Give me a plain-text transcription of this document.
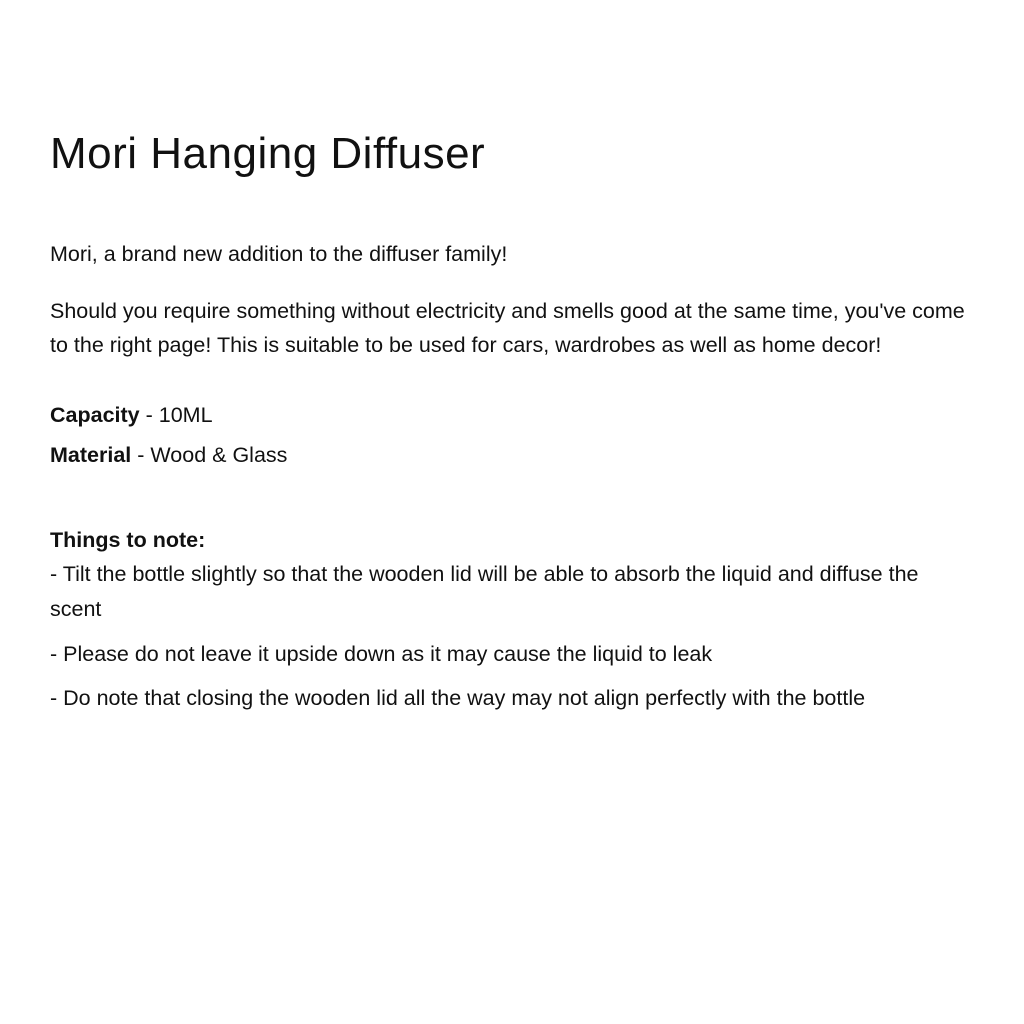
Mori Hanging Diffuser

Mori, a brand new addition to the diffuser family!

Should you require something without electricity and smells good at the same time, you've come to the right page! This is suitable to be used for cars, wardrobes as well as home decor!

Capacity - 10ML

Material - Wood & Glass

Things to note:

- Tilt the bottle slightly so that the wooden lid will be able to absorb the liquid and diffuse the scent

- Please do not leave it upside down as it may cause the liquid to leak

- Do note that closing the wooden lid all the way may not align perfectly with the bottle
